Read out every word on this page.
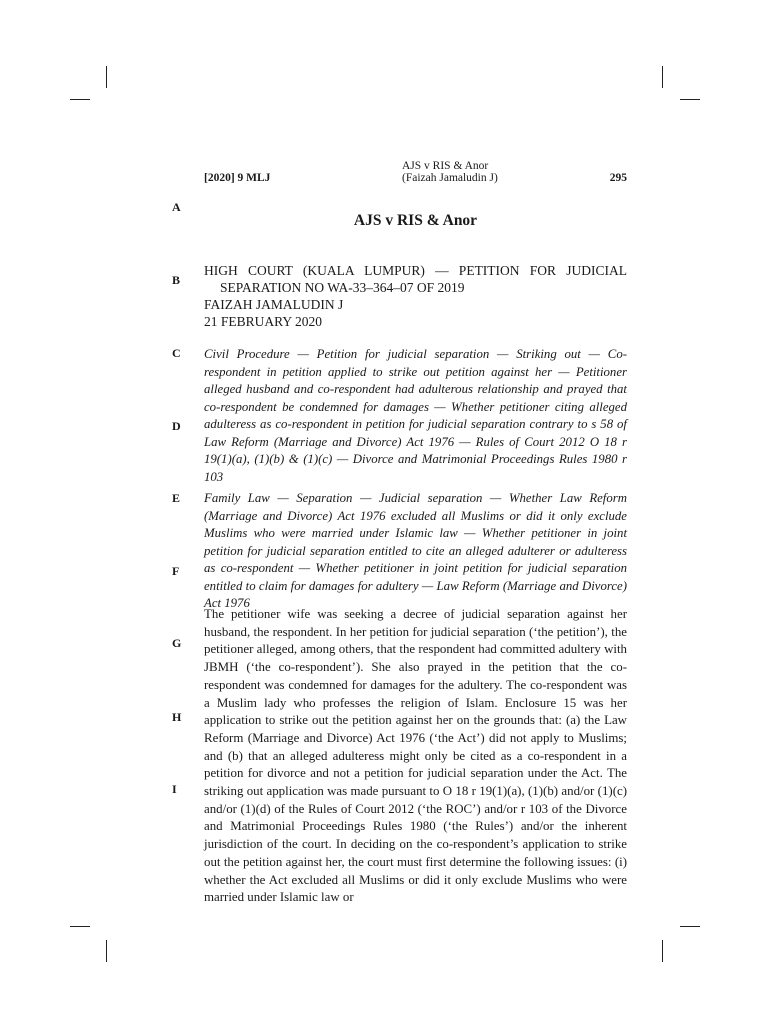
[2020] 9 MLJ
AJS v RIS & Anor
(Faizah Jamaludin J)	295
A
B
C
D
E
F
G
H
I
AJS v RIS & Anor
HIGH COURT (KUALA LUMPUR) — PETITION FOR JUDICIAL
SEPARATION NO WA-33–364–07 OF 2019
FAIZAH JAMALUDIN J
21 FEBRUARY 2020
Civil Procedure — Petition for judicial separation — Striking out — Co-respondent in petition applied to strike out petition against her — Petitioner alleged husband and co-respondent had adulterous relationship and prayed that co-respondent be condemned for damages — Whether petitioner citing alleged adulteress as co-respondent in petition for judicial separation contrary to s 58 of Law Reform (Marriage and Divorce) Act 1976 — Rules of Court 2012 O 18 r 19(1)(a), (1)(b) & (1)(c) — Divorce and Matrimonial Proceedings Rules 1980 r 103
Family Law — Separation — Judicial separation — Whether Law Reform (Marriage and Divorce) Act 1976 excluded all Muslims or did it only exclude Muslims who were married under Islamic law — Whether petitioner in joint petition for judicial separation entitled to cite an alleged adulterer or adulteress as co-respondent — Whether petitioner in joint petition for judicial separation entitled to claim for damages for adultery — Law Reform (Marriage and Divorce) Act 1976
The petitioner wife was seeking a decree of judicial separation against her husband, the respondent. In her petition for judicial separation (‘the petition’), the petitioner alleged, among others, that the respondent had committed adultery with JBMH (‘the co-respondent’). She also prayed in the petition that the co-respondent was condemned for damages for the adultery. The co-respondent was a Muslim lady who professes the religion of Islam. Enclosure 15 was her application to strike out the petition against her on the grounds that: (a) the Law Reform (Marriage and Divorce) Act 1976 (‘the Act’) did not apply to Muslims; and (b) that an alleged adulteress might only be cited as a co-respondent in a petition for divorce and not a petition for judicial separation under the Act. The striking out application was made pursuant to O 18 r 19(1)(a), (1)(b) and/or (1)(c) and/or (1)(d) of the Rules of Court 2012 (‘the ROC’) and/or r 103 of the Divorce and Matrimonial Proceedings Rules 1980 (‘the Rules’) and/or the inherent jurisdiction of the court. In deciding on the co-respondent’s application to strike out the petition against her, the court must first determine the following issues: (i) whether the Act excluded all Muslims or did it only exclude Muslims who were married under Islamic law or
